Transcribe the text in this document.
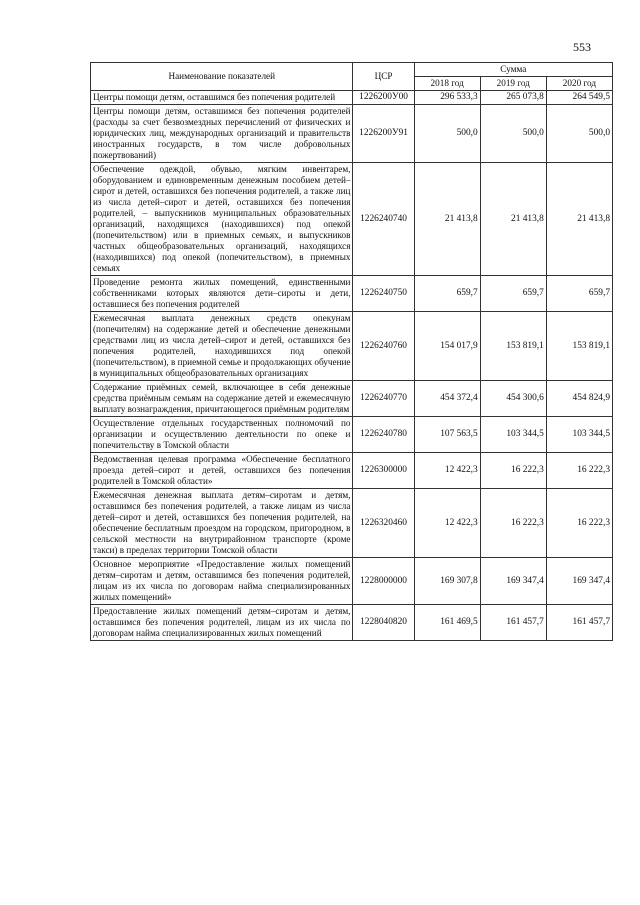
553
Наименование показателей	ЦСР	Сумма		
		2018 год	2019 год	2020 год
Центры помощи детям, оставшимся без попечения родителей	1226200У00	296 533,3	265 073,8	264 549,5
Центры помощи детям, оставшимся без попечения родителей (расходы за счет безвозмездных перечислений от физических и юридических лиц, международных организаций и правительств иностранных государств, в том числе добровольных пожертвований)	1226200У91	500,0	500,0	500,0
Обеспечение одеждой, обувью, мягким инвентарем, оборудованием и единовременным денежным пособием детей–сирот и детей, оставшихся без попечения родителей, а также лиц из числа детей–сирот и детей, оставшихся без попечения родителей, – выпускников муниципальных образовательных организаций, находящихся (находившихся) под опекой (попечительством) или в приемных семьях, и выпускников частных общеобразовательных организаций, находящихся (находившихся) под опекой (попечительством), в приемных семьях	1226240740	21 413,8	21 413,8	21 413,8
Проведение ремонта жилых помещений, единственными собственниками которых являются дети–сироты и дети, оставшиеся без попечения родителей	1226240750	659,7	659,7	659,7
Ежемесячная выплата денежных средств опекунам (попечителям) на содержание детей и обеспечение денежными средствами лиц из числа детей–сирот и детей, оставшихся без попечения родителей, находившихся под опекой (попечительством), в приемной семье и продолжающих обучение в муниципальных общеобразовательных организациях	1226240760	154 017,9	153 819,1	153 819,1
Содержание приёмных семей, включающее в себя денежные средства приёмным семьям на содержание детей и ежемесячную выплату вознаграждения, причитающегося приёмным родителям	1226240770	454 372,4	454 300,6	454 824,9
Осуществление отдельных государственных полномочий по организации и осуществлению деятельности по опеке и попечительству в Томской области	1226240780	107 563,5	103 344,5	103 344,5
Ведомственная целевая программа «Обеспечение бесплатного проезда детей–сирот и детей, оставшихся без попечения родителей в Томской области»	1226300000	12 422,3	16 222,3	16 222,3
Ежемесячная денежная выплата детям–сиротам и детям, оставшимся без попечения родителей, а также лицам из числа детей–сирот и детей, оставшихся без попечения родителей, на обеспечение бесплатным проездом на городском, пригородном, в сельской местности на внутрирайонном транспорте (кроме такси) в пределах территории Томской области	1226320460	12 422,3	16 222,3	16 222,3
Основное мероприятие «Предоставление жилых помещений детям–сиротам и детям, оставшимся без попечения родителей, лицам из их числа по договорам найма специализированных жилых помещений»	1228000000	169 307,8	169 347,4	169 347,4
Предоставление жилых помещений детям–сиротам и детям, оставшимся без попечения родителей, лицам из их числа по договорам найма специализированных жилых помещений	1228040820	161 469,5	161 457,7	161 457,7
